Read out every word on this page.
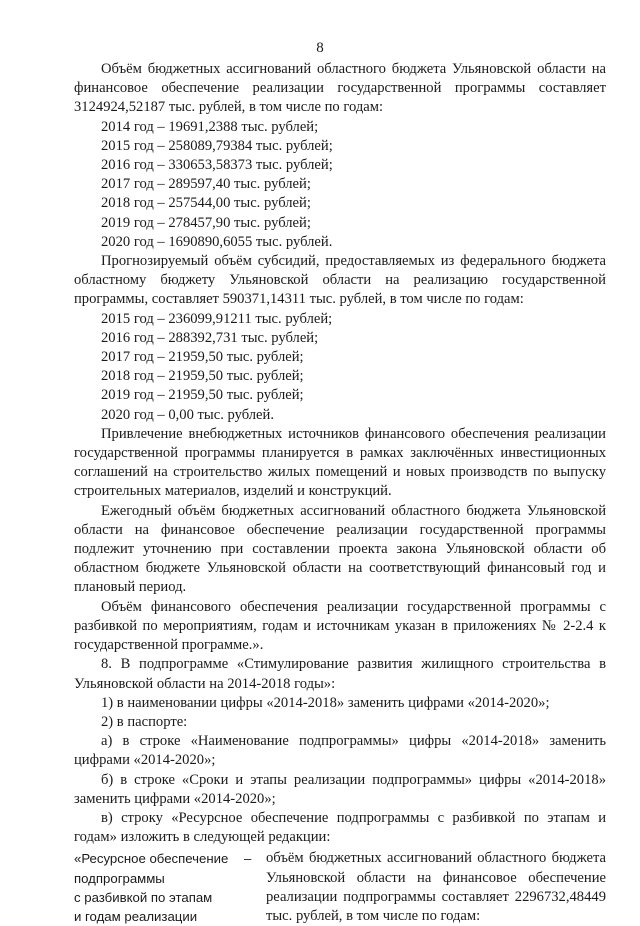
8

Объём бюджетных ассигнований областного бюджета Ульяновской области на финансовое обеспечение реализации государственной программы составляет 3124924,52187 тыс. рублей, в том числе по годам:

2014 год – 19691,2388 тыс. рублей;

2015 год – 258089,79384 тыс. рублей;

2016 год – 330653,58373 тыс. рублей;

2017 год – 289597,40 тыс. рублей;

2018 год – 257544,00 тыс. рублей;

2019 год – 278457,90 тыс. рублей;

2020 год – 1690890,6055 тыс. рублей.

Прогнозируемый объём субсидий, предоставляемых из федерального бюджета областному бюджету Ульяновской области на реализацию государственной программы, составляет 590371,14311 тыс. рублей, в том числе по годам:

2015 год – 236099,91211 тыс. рублей;

2016 год – 288392,731 тыс. рублей;

2017 год – 21959,50 тыс. рублей;

2018 год – 21959,50 тыс. рублей;

2019 год – 21959,50 тыс. рублей;

2020 год – 0,00 тыс. рублей.

Привлечение внебюджетных источников финансового обеспечения реализации государственной программы планируется в рамках заключённых инвестиционных соглашений на строительство жилых помещений и новых производств по выпуску строительных материалов, изделий и конструкций.

Ежегодный объём бюджетных ассигнований областного бюджета Ульяновской области на финансовое обеспечение реализации государственной программы подлежит уточнению при составлении проекта закона Ульяновской области об областном бюджете Ульяновской области на соответствующий финансовый год и плановый период.

Объём финансового обеспечения реализации государственной программы с разбивкой по мероприятиям, годам и источникам указан в приложениях № 2-2.4 к государственной программе.».

8. В подпрограмме «Стимулирование развития жилищного строительства в Ульяновской области на 2014-2018 годы»:

1) в наименовании цифры «2014-2018» заменить цифрами «2014-2020»;

2) в паспорте:

а) в строке «Наименование подпрограммы» цифры «2014-2018» заменить цифрами «2014-2020»;

б) в строке «Сроки и этапы реализации подпрограммы» цифры «2014-2018» заменить цифрами «2014-2020»;

в) строку «Ресурсное обеспечение подпрограммы с разбивкой по этапам и годам» изложить в следующей редакции:

«Ресурсное обеспечение
подпрограммы
с разбивкой по этапам
и годам реализации
– объём бюджетных ассигнований областного бюджета Ульяновской области на финансовое обеспечение реализации подпрограммы составляет 2296732,48449 тыс. рублей, в том числе по годам:
